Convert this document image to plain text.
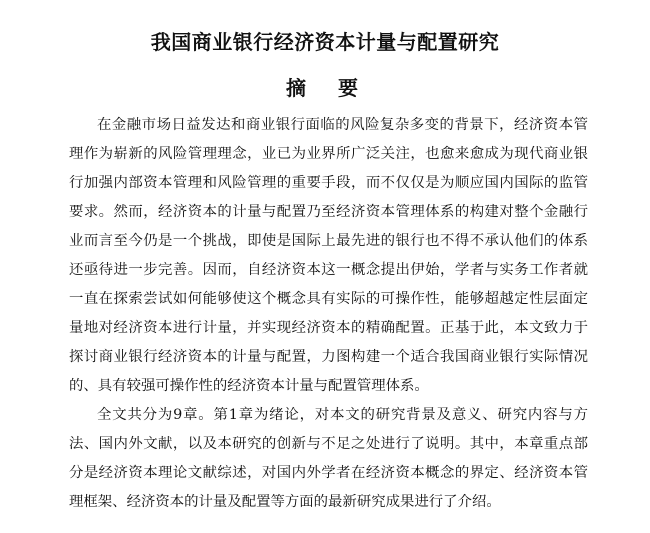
我国商业银行经济资本计量与配置研究
摘　要
在金融市场日益发达和商业银行面临的风险复杂多变的背景下，经济资本管
理作为崭新的风险管理理念，业已为业界所广泛关注，也愈来愈成为现代商业银
行加强内部资本管理和风险管理的重要手段，而不仅仅是为顺应国内国际的监管
要求。然而，经济资本的计量与配置乃至经济资本管理体系的构建对整个金融行
业而言至今仍是一个挑战，即使是国际上最先进的银行也不得不承认他们的体系
还亟待进一步完善。因而，自经济资本这一概念提出伊始，学者与实务工作者就
一直在探索尝试如何能够使这个概念具有实际的可操作性，能够超越定性层面定
量地对经济资本进行计量，并实现经济资本的精确配置。正基于此，本文致力于
探讨商业银行经济资本的计量与配置，力图构建一个适合我国商业银行实际情况
的、具有较强可操作性的经济资本计量与配置管理体系。
全文共分为9章。第1章为绪论，对本文的研究背景及意义、研究内容与方
法、国内外文献，以及本研究的创新与不足之处进行了说明。其中，本章重点部
分是经济资本理论文献综述，对国内外学者在经济资本概念的界定、经济资本管
理框架、经济资本的计量及配置等方面的最新研究成果进行了介绍。
